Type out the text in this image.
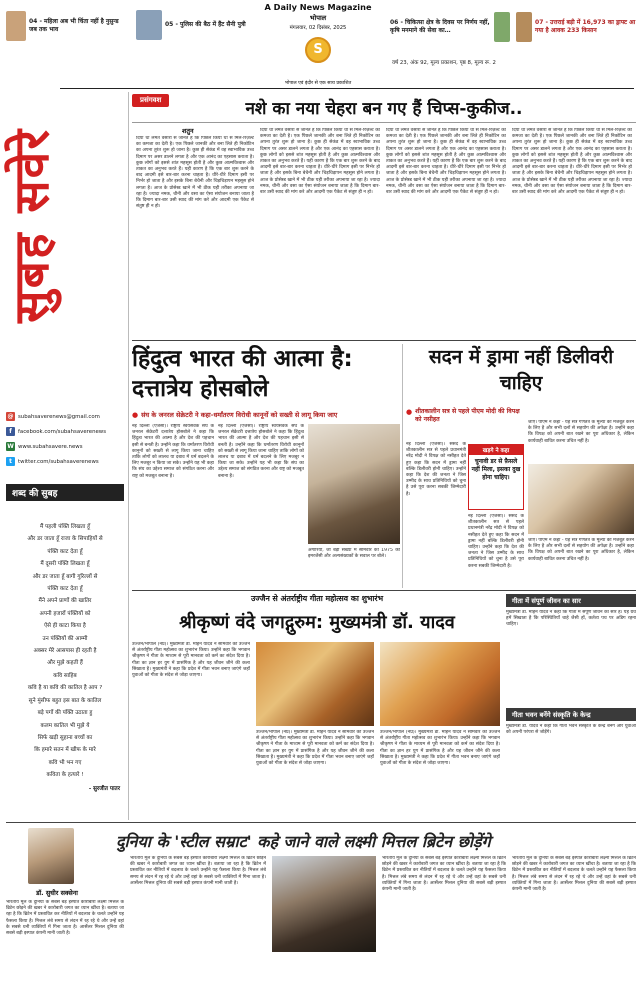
04 - महिला अब भी चिंता नहीं है नुसुन्ड जब तक भाव
05 - पुलिस की बैठ में हैंट सैनी पुत्री
A Daily News Magazine
भोपाल
मंगलवार, 02 दिसंबर, 2025
S
06 - चिकित्सा क्षेत्र के दिवस पर निर्णय नहीं, कृषि मनमाने की सेवा का…
07 - उत्तराई बड़ी में 16,973 का ड्राफ्ट आ गया है आवक 233 किसान
वर्ष 23, अंक 92, मूल्य प्रकाशन, पृष्ठ 8, मूल्य रू. 2
भोपाल एवं इंदौर से एक साथ प्रकाशित
सुबह सवेरे
@ subahsaverenews@gmail.com
f	facebook.com/subahsaverenews
W www.subahsavere.news
t	twitter.com/subahsaverenews
शब्द की सुबह
मैं पहली पंक्ति लिखता हूँ
और डर जाता हूँ राजा के सिपाहियों से
पंक्ति काट देता हूँ
मैं दूसरी पंक्ति लिखता हूँ
और डर जाता हूँ बागी गुरिल्लों से
पंक्ति काट देता हूँ
मैंने अपने प्राणों की खातिर
अपनी हजारों पंक्तियों को
ऐसे ही काटा किया है
उन पंक्तियों की आम्मी
अक्सर मेरे आसपास ही रहती है
और मुझे कहती हैं
कवि साहिब
कवि है या कवि की कातिल है आप ?
सुने मुंसीफ बहुत इस बात के कातिल
बड़े पगों की पंक्ति उठाता हु
कलम कातिल भी मुझे ये
सिर्फ खड़ी सुहाना बच्चों का
कि हमारे सतन में खीफ के मारे
कवि भी भन गए
कविता के हत्यारे !
- सुरजीत पातर
प्रसंगवश	नशे का नया चेहरा बन गए हैं चिप्स-कुकीज..
शतुन
दिया था लमेत वसारा से जानते हैं कि पिछले किया था से मिले-रिज़ल्ट का कमजा का देती है। एक पिछले जानकी और बना लिते ही निकोटिन का अपना तुरंत शुरू हो जाना है। कुछ ही सेकंड में वह स्वाभाविक उच्च दिमाग पर असर डालने लगता है और एक आनंद का एहसास कराता है। कुछ लोगों को इससे शांत महसूस होती है और कुछ आत्मविश्वास और ताकत का अनुभव करते हैं। यही कारण है कि एक बार शुरू करने के बाद आदमी इसे बार-बार करना चाहता है। धीरे-धीरे दिमाग इसी पर निर्भर हो जाता है और इसके बिना बेचैनी और चिड़चिड़ापन महसूस होने लगता है। आज के प्रोसेस्ड खाने में भी ठीक यही तरीका अपनाया जा रहा है। ज्यादा नमक, चीनी और वसा का ऐसा संयोजन बनाया जाता है कि दिमाग बार-बार उसी स्वाद की मांग करे और आदमी एक पैकेट से संतुष्ट ही न हो।
दिया था लमेत वसारा से जानते हैं कि पिछले किया था से मिले-रिज़ल्ट का कमजा का देती है। एक पिछले जानकी और बना लिते ही निकोटिन का अपना तुरंत शुरू हो जाना है। कुछ ही सेकंड में वह स्वाभाविक उच्च दिमाग पर असर डालने लगता है और एक आनंद का एहसास कराता है। कुछ लोगों को इससे शांत महसूस होती है और कुछ आत्मविश्वास और ताकत का अनुभव करते हैं। यही कारण है कि एक बार शुरू करने के बाद आदमी इसे बार-बार करना चाहता है। धीरे-धीरे दिमाग इसी पर निर्भर हो जाता है और इसके बिना बेचैनी और चिड़चिड़ापन महसूस होने लगता है। आज के प्रोसेस्ड खाने में भी ठीक यही तरीका अपनाया जा रहा है। ज्यादा नमक, चीनी और वसा का ऐसा संयोजन बनाया जाता है कि दिमाग बार-बार उसी स्वाद की मांग करे और आदमी एक पैकेट से संतुष्ट ही न हो।
दिया था लमेत वसारा से जानते हैं कि पिछले किया था से मिले-रिज़ल्ट का कमजा का देती है। एक पिछले जानकी और बना लिते ही निकोटिन का अपना तुरंत शुरू हो जाना है। कुछ ही सेकंड में वह स्वाभाविक उच्च दिमाग पर असर डालने लगता है और एक आनंद का एहसास कराता है। कुछ लोगों को इससे शांत महसूस होती है और कुछ आत्मविश्वास और ताकत का अनुभव करते हैं। यही कारण है कि एक बार शुरू करने के बाद आदमी इसे बार-बार करना चाहता है। धीरे-धीरे दिमाग इसी पर निर्भर हो जाता है और इसके बिना बेचैनी और चिड़चिड़ापन महसूस होने लगता है। आज के प्रोसेस्ड खाने में भी ठीक यही तरीका अपनाया जा रहा है। ज्यादा नमक, चीनी और वसा का ऐसा संयोजन बनाया जाता है कि दिमाग बार-बार उसी स्वाद की मांग करे और आदमी एक पैकेट से संतुष्ट ही न हो।
दिया था लमेत वसारा से जानते हैं कि पिछले किया था से मिले-रिज़ल्ट का कमजा का देती है। एक पिछले जानकी और बना लिते ही निकोटिन का अपना तुरंत शुरू हो जाना है। कुछ ही सेकंड में वह स्वाभाविक उच्च दिमाग पर असर डालने लगता है और एक आनंद का एहसास कराता है। कुछ लोगों को इससे शांत महसूस होती है और कुछ आत्मविश्वास और ताकत का अनुभव करते हैं। यही कारण है कि एक बार शुरू करने के बाद आदमी इसे बार-बार करना चाहता है। धीरे-धीरे दिमाग इसी पर निर्भर हो जाता है और इसके बिना बेचैनी और चिड़चिड़ापन महसूस होने लगता है। आज के प्रोसेस्ड खाने में भी ठीक यही तरीका अपनाया जा रहा है। ज्यादा नमक, चीनी और वसा का ऐसा संयोजन बनाया जाता है कि दिमाग बार-बार उसी स्वाद की मांग करे और आदमी एक पैकेट से संतुष्ट ही न हो।
हिंदुत्व भारत की आत्मा है: दत्तात्रेय होसबोले
● संघ के जनरल सेक्रेटरी ने कहा-धर्मांतरण विरोधी कानूनों को सख्ती से लागू किया जाए
नई दिल्ली (एजेंसी)। राष्ट्रीय स्वयंसेवक संघ के जनरल सेक्रेटरी दत्तात्रेय होसबोले ने कहा कि हिंदुत्व भारत की आत्मा है और देश की पहचान इसी से बनती है। उन्होंने कहा कि धर्मांतरण विरोधी कानूनों को सख्ती से लागू किया जाना चाहिए ताकि लोगों को लालच या दबाव में धर्म बदलने के लिए मजबूर न किया जा सके। उन्होंने यह भी कहा कि संघ का उद्देश्य समाज को संगठित करना और राष्ट्र को मजबूत बनाना है।
नई दिल्ली (एजेंसी)। राष्ट्रीय स्वयंसेवक संघ के जनरल सेक्रेटरी दत्तात्रेय होसबोले ने कहा कि हिंदुत्व भारत की आत्मा है और देश की पहचान इसी से बनती है। उन्होंने कहा कि धर्मांतरण विरोधी कानूनों को सख्ती से लागू किया जाना चाहिए ताकि लोगों को लालच या दबाव में धर्म बदलने के लिए मजबूर न किया जा सके। उन्होंने यह भी कहा कि संघ का उद्देश्य समाज को संगठित करना और राष्ट्र को मजबूत बनाना है।
अंगारियो, जो बड़ी संख्या में सोमवार को 1975 की इमरजेंसी और अल्पसंख्यकों के सवाल पर बोले।
सदन में ड्रामा नहीं डिलीवरी चाहिए
● शीतकालीन सत्र से पहले पीएम मोदी की विपक्ष को नसीहत
नई दिल्ली (एजेंसी)। संसद के शीतकालीन सत्र से पहले प्रधानमंत्री नरेंद्र मोदी ने विपक्ष को नसीहत देते हुए कहा कि सदन में ड्रामा नहीं बल्कि डिलीवरी होनी चाहिए। उन्होंने कहा कि देश की जनता ने जिस उम्मीद के साथ प्रतिनिधियों को चुना है उसे पूरा करना सबकी जिम्मेदारी है।
खड़गे ने कहा
चुनावी डर से फ़ैसले नहीं मिला, इसका दुख होना चाहिए।
नई दिल्ली (एजेंसी)। संसद के शीतकालीन सत्र से पहले प्रधानमंत्री नरेंद्र मोदी ने विपक्ष को नसीहत देते हुए कहा कि सदन में ड्रामा नहीं बल्कि डिलीवरी होनी चाहिए। उन्होंने कहा कि देश की जनता ने जिस उम्मीद के साथ प्रतिनिधियों को चुना है उसे पूरा करना सबकी जिम्मेदारी है।
जाए। पीएम ने कहा - यह सत्र गणतंत्र के मूल्यों को मजबूत करने के लिए है और सभी दलों से सहयोग की अपेक्षा है। उन्होंने कहा कि विपक्ष को अपनी बात रखने का पूरा अधिकार है, लेकिन कार्यवाही बाधित करना उचित नहीं है।
जाए। पीएम ने कहा - यह सत्र गणतंत्र के मूल्यों को मजबूत करने के लिए है और सभी दलों से सहयोग की अपेक्षा है। उन्होंने कहा कि विपक्ष को अपनी बात रखने का पूरा अधिकार है, लेकिन कार्यवाही बाधित करना उचित नहीं है।
उज्जैन से अंतर्राष्ट्रीय गीता महोत्सव का शुभारंभ
श्रीकृष्णं वंदे जगद्गुरुम: मुख्यमंत्री डॉ. यादव
उज्जैन/भोपाल (नप्र)। मुख्यमंत्री डॉ. मोहन यादव ने सोमवार को उज्जैन से अंतर्राष्ट्रीय गीता महोत्सव का शुभारंभ किया। उन्होंने कहा कि भगवान श्रीकृष्ण ने गीता के माध्यम से पूरी मानवता को कर्म का संदेश दिया है। गीता का ज्ञान हर युग में प्रासंगिक है और यह जीवन जीने की कला सिखाता है। मुख्यमंत्री ने कहा कि प्रदेश में गीता भवन बनाए जाएंगे जहाँ युवाओं को गीता के संदेश से जोड़ा जाएगा।
उज्जैन/भोपाल (नप्र)। मुख्यमंत्री डॉ. मोहन यादव ने सोमवार को उज्जैन से अंतर्राष्ट्रीय गीता महोत्सव का शुभारंभ किया। उन्होंने कहा कि भगवान श्रीकृष्ण ने गीता के माध्यम से पूरी मानवता को कर्म का संदेश दिया है। गीता का ज्ञान हर युग में प्रासंगिक है और यह जीवन जीने की कला सिखाता है। मुख्यमंत्री ने कहा कि प्रदेश में गीता भवन बनाए जाएंगे जहाँ युवाओं को गीता के संदेश से जोड़ा जाएगा।
उज्जैन/भोपाल (नप्र)। मुख्यमंत्री डॉ. मोहन यादव ने सोमवार को उज्जैन से अंतर्राष्ट्रीय गीता महोत्सव का शुभारंभ किया। उन्होंने कहा कि भगवान श्रीकृष्ण ने गीता के माध्यम से पूरी मानवता को कर्म का संदेश दिया है। गीता का ज्ञान हर युग में प्रासंगिक है और यह जीवन जीने की कला सिखाता है। मुख्यमंत्री ने कहा कि प्रदेश में गीता भवन बनाए जाएंगे जहाँ युवाओं को गीता के संदेश से जोड़ा जाएगा।
गीता में संपूर्ण जीवन का सार
मुख्यमंत्री डॉ. मोहन यादव ने कहा कि गीता में संपूर्ण जीवन का सार है। यह ग्रंथ हमें सिखाता है कि परिस्थितियाँ चाहे जैसी हों, कर्तव्य पथ पर अडिग रहना चाहिए।
गीता भवन बनेंगे संस्कृति के केन्द्र
मुख्यमंत्री डॉ. यादव ने कहा कि गीता भवन संस्कृति के केन्द्र बनेंगे और युवाओं को अपनी परंपरा से जोड़ेंगे।
डॉ. सुधीर सक्सेना
दुनिया के 'स्टील सम्राट' कहे जाने वाले लक्ष्मी मित्तल ब्रिटेन छोड़ेंगे
भारतीय मूल के दुनिया के सबसे बड़े इस्पात कारोबारी लक्ष्मी मित्तल के ब्रिटेन छोड़ने की खबर ने कारोबारी जगत का ध्यान खींचा है। बताया जा रहा है कि ब्रिटेन में प्रस्तावित कर नीतियों में बदलाव के चलते उन्होंने यह फैसला किया है। मित्तल लंबे समय से लंदन में रह रहे थे और उन्हें वहां के सबसे धनी व्यक्तियों में गिना जाता है। आर्सेलर मित्तल दुनिया की सबसे बड़ी इस्पात कंपनी मानी जाती है।
भारतीय मूल के दुनिया के सबसे बड़े इस्पात कारोबारी लक्ष्मी मित्तल के ब्रिटेन छोड़ने की खबर ने कारोबारी जगत का ध्यान खींचा है। बताया जा रहा है कि ब्रिटेन में प्रस्तावित कर नीतियों में बदलाव के चलते उन्होंने यह फैसला किया है। मित्तल लंबे समय से लंदन में रह रहे थे और उन्हें वहां के सबसे धनी व्यक्तियों में गिना जाता है। आर्सेलर मित्तल दुनिया की सबसे बड़ी इस्पात कंपनी मानी जाती है।
भारतीय मूल के दुनिया के सबसे बड़े इस्पात कारोबारी लक्ष्मी मित्तल के ब्रिटेन छोड़ने की खबर ने कारोबारी जगत का ध्यान खींचा है। बताया जा रहा है कि ब्रिटेन में प्रस्तावित कर नीतियों में बदलाव के चलते उन्होंने यह फैसला किया है। मित्तल लंबे समय से लंदन में रह रहे थे और उन्हें वहां के सबसे धनी व्यक्तियों में गिना जाता है। आर्सेलर मित्तल दुनिया की सबसे बड़ी इस्पात कंपनी मानी जाती है।
भारतीय मूल के दुनिया के सबसे बड़े इस्पात कारोबारी लक्ष्मी मित्तल के ब्रिटेन छोड़ने की खबर ने कारोबारी जगत का ध्यान खींचा है। बताया जा रहा है कि ब्रिटेन में प्रस्तावित कर नीतियों में बदलाव के चलते उन्होंने यह फैसला किया है। मित्तल लंबे समय से लंदन में रह रहे थे और उन्हें वहां के सबसे धनी व्यक्तियों में गिना जाता है। आर्सेलर मित्तल दुनिया की सबसे बड़ी इस्पात कंपनी मानी जाती है।
